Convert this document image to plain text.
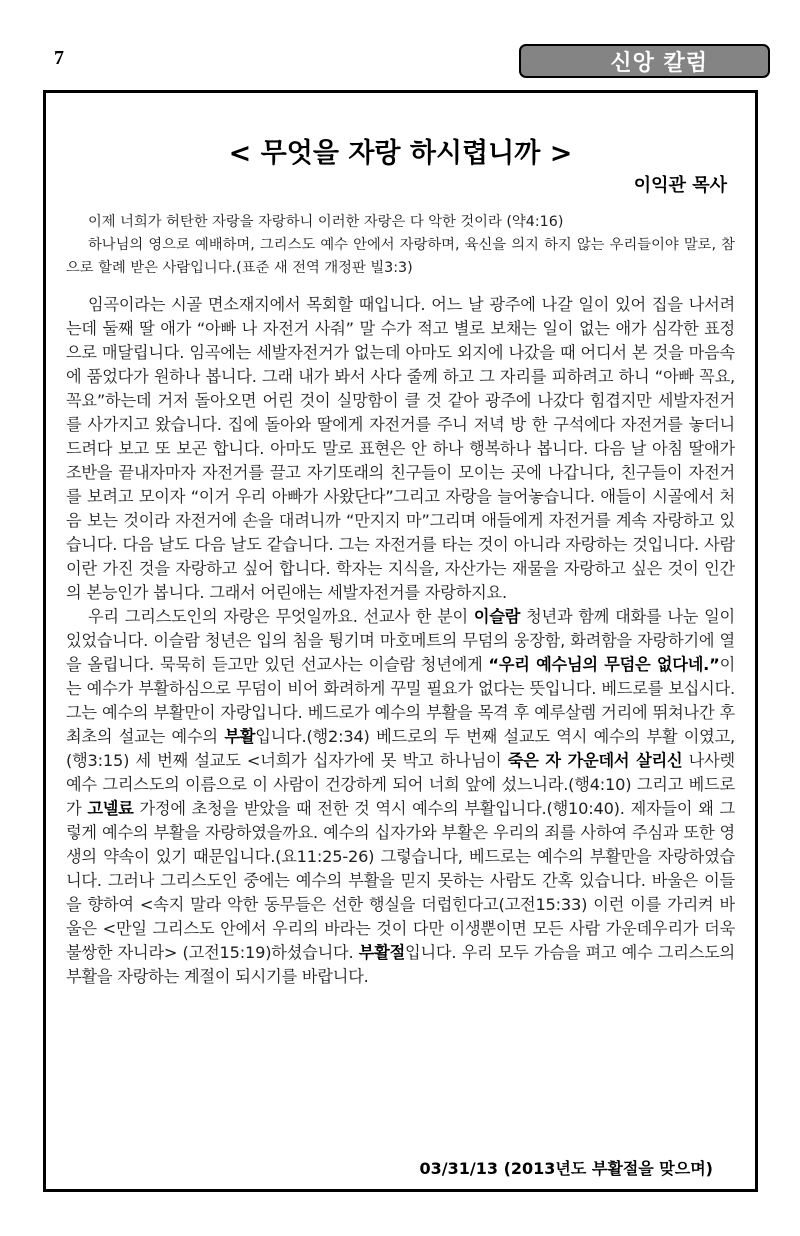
7	신앙 칼럼
< 무엇을 자랑 하시렵니까 >
이익관 목사

이제 너희가 허탄한 자랑을 자랑하니 이러한 자랑은 다 악한 것이라 (약4:16)

하나님의 영으로 예배하며, 그리스도 예수 안에서 자랑하며, 육신을 의지 하지 않는 우리들이야 말로, 참으로 할례 받은 사람입니다.(표준 새 전역 개정판 빌3:3)

임곡이라는 시골 면소재지에서 목회할 때입니다. 어느 날 광주에 나갈 일이 있어 집을 나서려는데 둘째 딸 애가 “아빠 나 자전거 사줘” 말 수가 적고 별로 보채는 일이 없는 애가 심각한 표정으로 매달립니다. 임곡에는 세발자전거가 없는데 아마도 외지에 나갔을 때 어디서 본 것을 마음속에 품었다가 원하나 봅니다. 그래 내가 봐서 사다 줄께 하고 그 자리를 피하려고 하니 “아빠 꼭요, 꼭요”하는데 거저 돌아오면 어린 것이 실망함이 클 것 같아 광주에 나갔다 힘겹지만 세발자전거를 사가지고 왔습니다. 집에 돌아와 딸에게 자전거를 주니 저녁 방 한 구석에다 자전거를 놓더니 드려다 보고 또 보곤 합니다. 아마도 말로 표현은 안 하나 행복하나 봅니다. 다음 날 아침 딸애가 조반을 끝내자마자 자전거를 끌고 자기또래의 친구들이 모이는 곳에 나갑니다, 친구들이 자전거를 보려고 모이자 “이거 우리 아빠가 사왔단다”그리고 자랑을 늘어놓습니다. 애들이 시골에서 처음 보는 것이라 자전거에 손을 대려니까 “만지지 마”그리며 애들에게 자전거를 계속 자랑하고 있습니다. 다음 날도 다음 날도 같습니다. 그는 자전거를 타는 것이 아니라 자랑하는 것입니다. 사람이란 가진 것을 자랑하고 싶어 합니다. 학자는 지식을, 자산가는 재물을 자랑하고 싶은 것이 인간의 본능인가 봅니다. 그래서 어린애는 세발자전거를 자랑하지요.

우리 그리스도인의 자랑은 무엇일까요. 선교사 한 분이 이슬람 청년과 함께 대화를 나눈 일이 있었습니다. 이슬람 청년은 입의 침을 튕기며 마호메트의 무덤의 웅장함, 화려함을 자랑하기에 열을 올립니다. 묵묵히 듣고만 있던 선교사는 이슬람 청년에게 “우리 예수님의 무덤은 없다네.”이는 예수가 부활하심으로 무덤이 비어 화려하게 꾸밀 필요가 없다는 뜻입니다. 베드로를 보십시다. 그는 예수의 부활만이 자랑입니다. 베드로가 예수의 부활을 목격 후 예루살렘 거리에 뛰쳐나간 후 최초의 설교는 예수의 부활입니다.(행2:34) 베드로의 두 번째 설교도 역시 예수의 부활 이였고,(행3:15) 세 번째 설교도 <너희가 십자가에 못 박고 하나님이 죽은 자 가운데서 살리신 나사렛 예수 그리스도의 이름으로 이 사람이 건강하게 되어 너희 앞에 섰느니라.(행4:10) 그리고 베드로가 고넬료 가정에 초청을 받았을 때 전한 것 역시 예수의 부활입니다.(행10:40). 제자들이 왜 그렇게 예수의 부활을 자랑하였을까요. 예수의 십자가와 부활은 우리의 죄를 사하여 주심과 또한 영생의 약속이 있기 때문입니다.(요11:25-26) 그렇습니다, 베드로는 예수의 부활만을 자랑하였습니다. 그러나 그리스도인 중에는 예수의 부활을 믿지 못하는 사람도 간혹 있습니다. 바울은 이들을 향하여 <속지 말라 악한 동무들은 선한 행실을 더럽힌다고(고전15:33) 이런 이를 가리켜 바울은 <만일 그리스도 안에서 우리의 바라는 것이 다만 이생뿐이면 모든 사람 가운데우리가 더욱 불쌍한 자니라> (고전15:19)하셨습니다. 부활절입니다. 우리 모두 가슴을 펴고 예수 그리스도의 부활을 자랑하는 계절이 되시기를 바랍니다.

03/31/13 (2013년도 부활절을 맞으며)
